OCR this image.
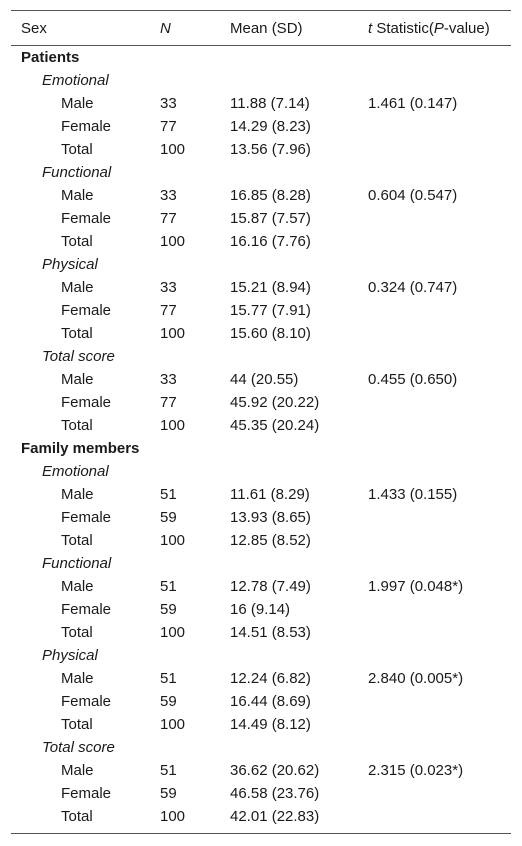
Sex	N	Mean (SD)	t Statistic(P-value)
Patients
Emotional
Male	33	11.88 (7.14)	1.461 (0.147)
Female	77	14.29 (8.23)
Total	100	13.56 (7.96)
Functional
Male	33	16.85 (8.28)	0.604 (0.547)
Female	77	15.87 (7.57)
Total	100	16.16 (7.76)
Physical
Male	33	15.21 (8.94)	0.324 (0.747)
Female	77	15.77 (7.91)
Total	100	15.60 (8.10)
Total score
Male	33	44 (20.55)	0.455 (0.650)
Female	77	45.92 (20.22)
Total	100	45.35 (20.24)
Family members
Emotional
Male	51	11.61 (8.29)	1.433 (0.155)
Female	59	13.93 (8.65)
Total	100	12.85 (8.52)
Functional
Male	51	12.78 (7.49)	1.997 (0.048*)
Female	59	16 (9.14)
Total	100	14.51 (8.53)
Physical
Male	51	12.24 (6.82)	2.840 (0.005*)
Female	59	16.44 (8.69)
Total	100	14.49 (8.12)
Total score
Male	51	36.62 (20.62)	2.315 (0.023*)
Female	59	46.58 (23.76)
Total	100	42.01 (22.83)
